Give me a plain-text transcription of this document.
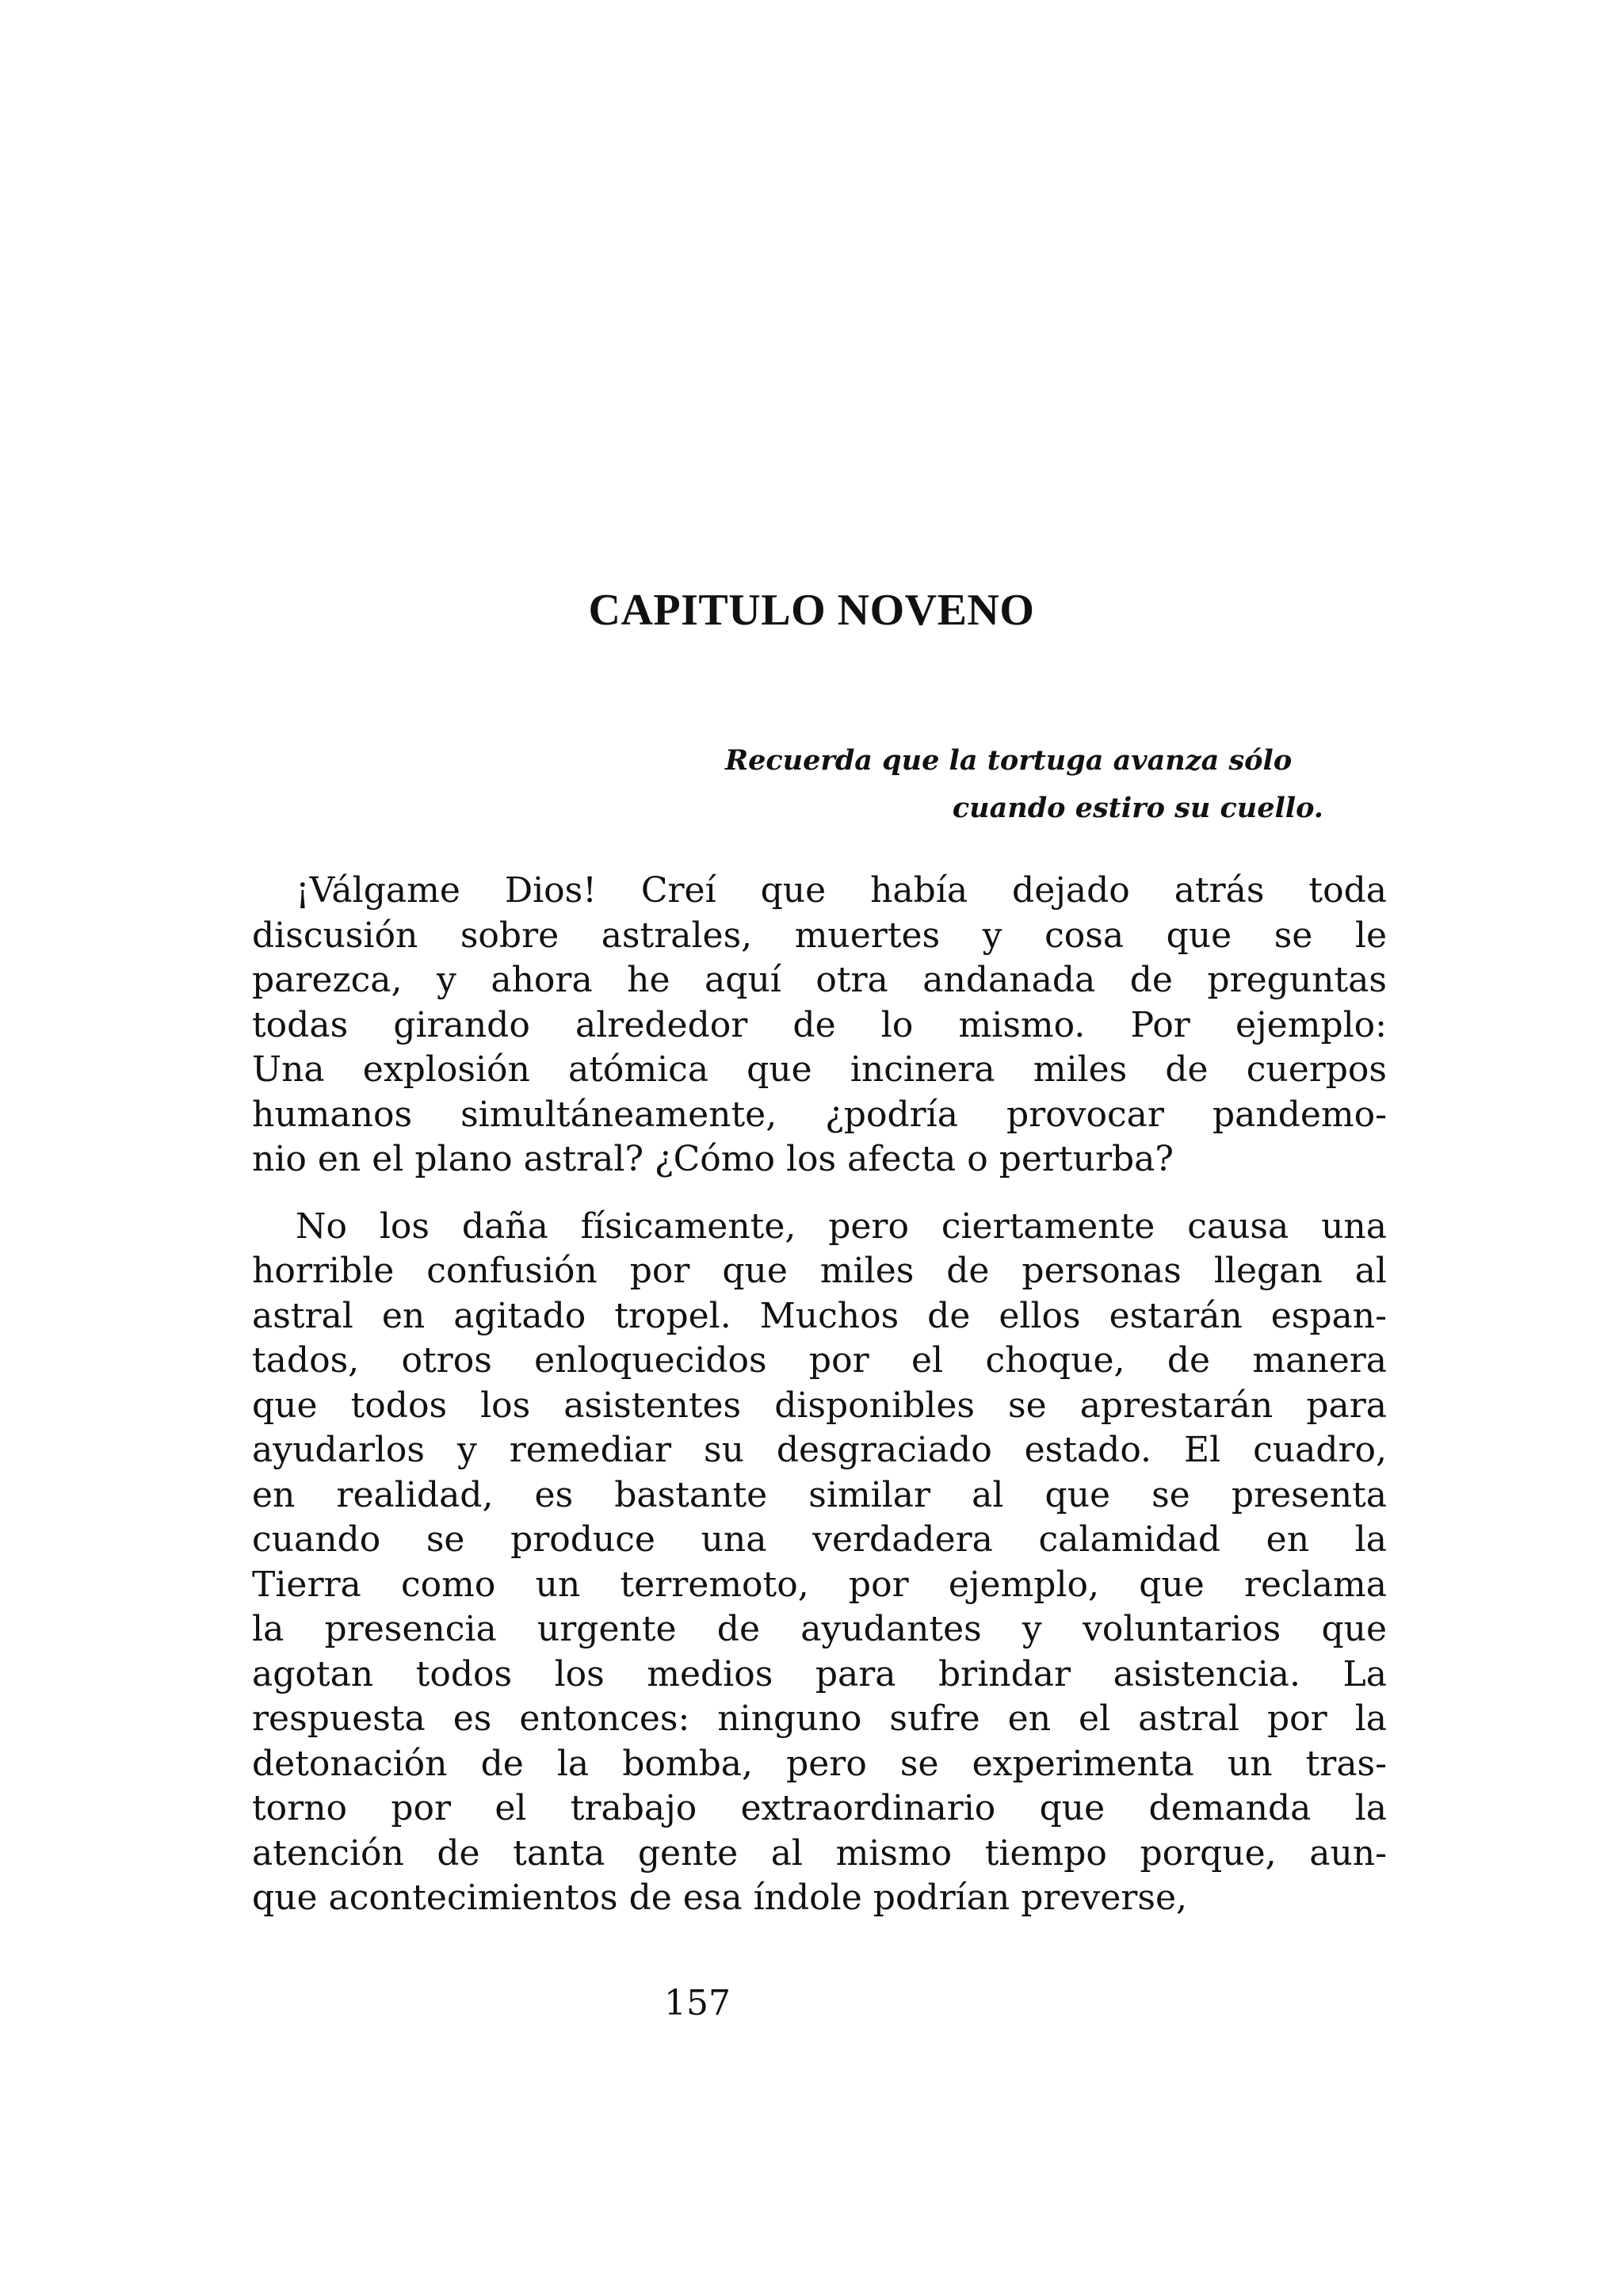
CAPITULO NOVENO
Recuerda que la tortuga avanza sólo
cuando estiro su cuello.
¡Válgame Dios! Creí que había dejado atrás toda
discusión sobre astrales, muertes y cosa que se le
parezca, y ahora he aquí otra andanada de preguntas
todas girando alrededor de lo mismo. Por ejemplo:
Una explosión atómica que incinera miles de cuerpos
humanos simultáneamente, ¿podría provocar pandemo-
nio en el plano astral? ¿Cómo los afecta o perturba?
No los daña físicamente, pero ciertamente causa una
horrible confusión por que miles de personas llegan al
astral en agitado tropel. Muchos de ellos estarán espan-
tados, otros enloquecidos por el choque, de manera
que todos los asistentes disponibles se aprestarán para
ayudarlos y remediar su desgraciado estado. El cuadro,
en realidad, es bastante similar al que se presenta
cuando se produce una verdadera calamidad en la
Tierra como un terremoto, por ejemplo, que reclama
la presencia urgente de ayudantes y voluntarios que
agotan todos los medios para brindar asistencia. La
respuesta es entonces: ninguno sufre en el astral por la
detonación de la bomba, pero se experimenta un tras-
torno por el trabajo extraordinario que demanda la
atención de tanta gente al mismo tiempo porque, aun-
que acontecimientos de esa índole podrían preverse,
157
